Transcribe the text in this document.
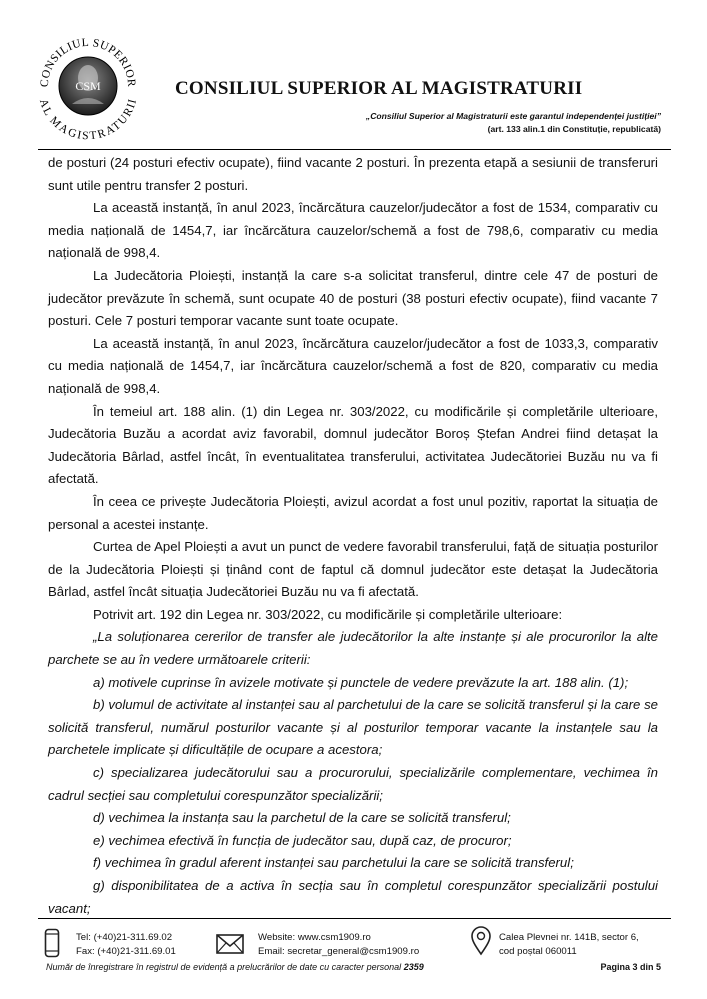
CSM
CONSILIUL SUPERIOR
AL MAGISTRATURII
CONSILIUL SUPERIOR AL MAGISTRATURII
„Consiliul Superior al Magistraturii este garantul independenței justiției”
(art. 133 alin.1 din Constituție, republicată)

de posturi (24 posturi efectiv ocupate), fiind vacante 2 posturi. În prezenta etapă a sesiunii de transferuri sunt utile pentru transfer 2 posturi.

La această instanță, în anul 2023, încărcătura cauzelor/judecător a fost de 1534, comparativ cu media națională de 1454,7, iar încărcătura cauzelor/schemă a fost de 798,6, comparativ cu media națională de 998,4.

La Judecătoria Ploiești, instanță la care s-a solicitat transferul, dintre cele 47 de posturi de judecător prevăzute în schemă, sunt ocupate 40 de posturi (38 posturi efectiv ocupate), fiind vacante 7 posturi. Cele 7 posturi temporar vacante sunt toate ocupate.

La această instanță, în anul 2023, încărcătura cauzelor/judecător a fost de 1033,3, comparativ cu media națională de 1454,7, iar încărcătura cauzelor/schemă a fost de 820, comparativ cu media națională de 998,4.

În temeiul art. 188 alin. (1) din Legea nr. 303/2022, cu modificările și completările ulterioare, Judecătoria Buzău a acordat aviz favorabil, domnul judecător Boroș Ștefan Andrei fiind detașat la Judecătoria Bârlad, astfel încât, în eventualitatea transferului, activitatea Judecătoriei Buzău nu va fi afectată.

În ceea ce privește Judecătoria Ploiești, avizul acordat a fost unul pozitiv, raportat la situația de personal a acestei instanțe.

Curtea de Apel Ploiești a avut un punct de vedere favorabil transferului, față de situația posturilor de la Judecătoria Ploiești și ținând cont de faptul că domnul judecător este detașat la Judecătoria Bârlad, astfel încât situația Judecătoriei Buzău nu va fi afectată.

Potrivit art. 192 din Legea nr. 303/2022, cu modificările și completările ulterioare:

„La soluționarea cererilor de transfer ale judecătorilor la alte instanțe și ale procurorilor la alte parchete se au în vedere următoarele criterii:

a) motivele cuprinse în avizele motivate și punctele de vedere prevăzute la art. 188 alin. (1);

b) volumul de activitate al instanței sau al parchetului de la care se solicită transferul și la care se solicită transferul, numărul posturilor vacante și al posturilor temporar vacante la instanțele sau la parchetele implicate și dificultățile de ocupare a acestora;

c) specializarea judecătorului sau a procurorului, specializările complementare, vechimea în cadrul secției sau completului corespunzător specializării;

d) vechimea la instanța sau la parchetul de la care se solicită transferul;

e) vechimea efectivă în funcția de judecător sau, după caz, de procuror;

f) vechimea în gradul aferent instanței sau parchetului la care se solicită transferul;

g) disponibilitatea de a activa în secția sau în completul corespunzător specializării postului vacant;

Tel: (+40)21-311.69.02
Fax: (+40)21-311.69.01
Website: www.csm1909.ro
Email: secretar_general@csm1909.ro
Calea Plevnei nr. 141B, sector 6,
cod poștal 060011
Număr de înregistrare în registrul de evidență a prelucrărilor de date cu caracter personal 2359	Pagina 3 din 5
